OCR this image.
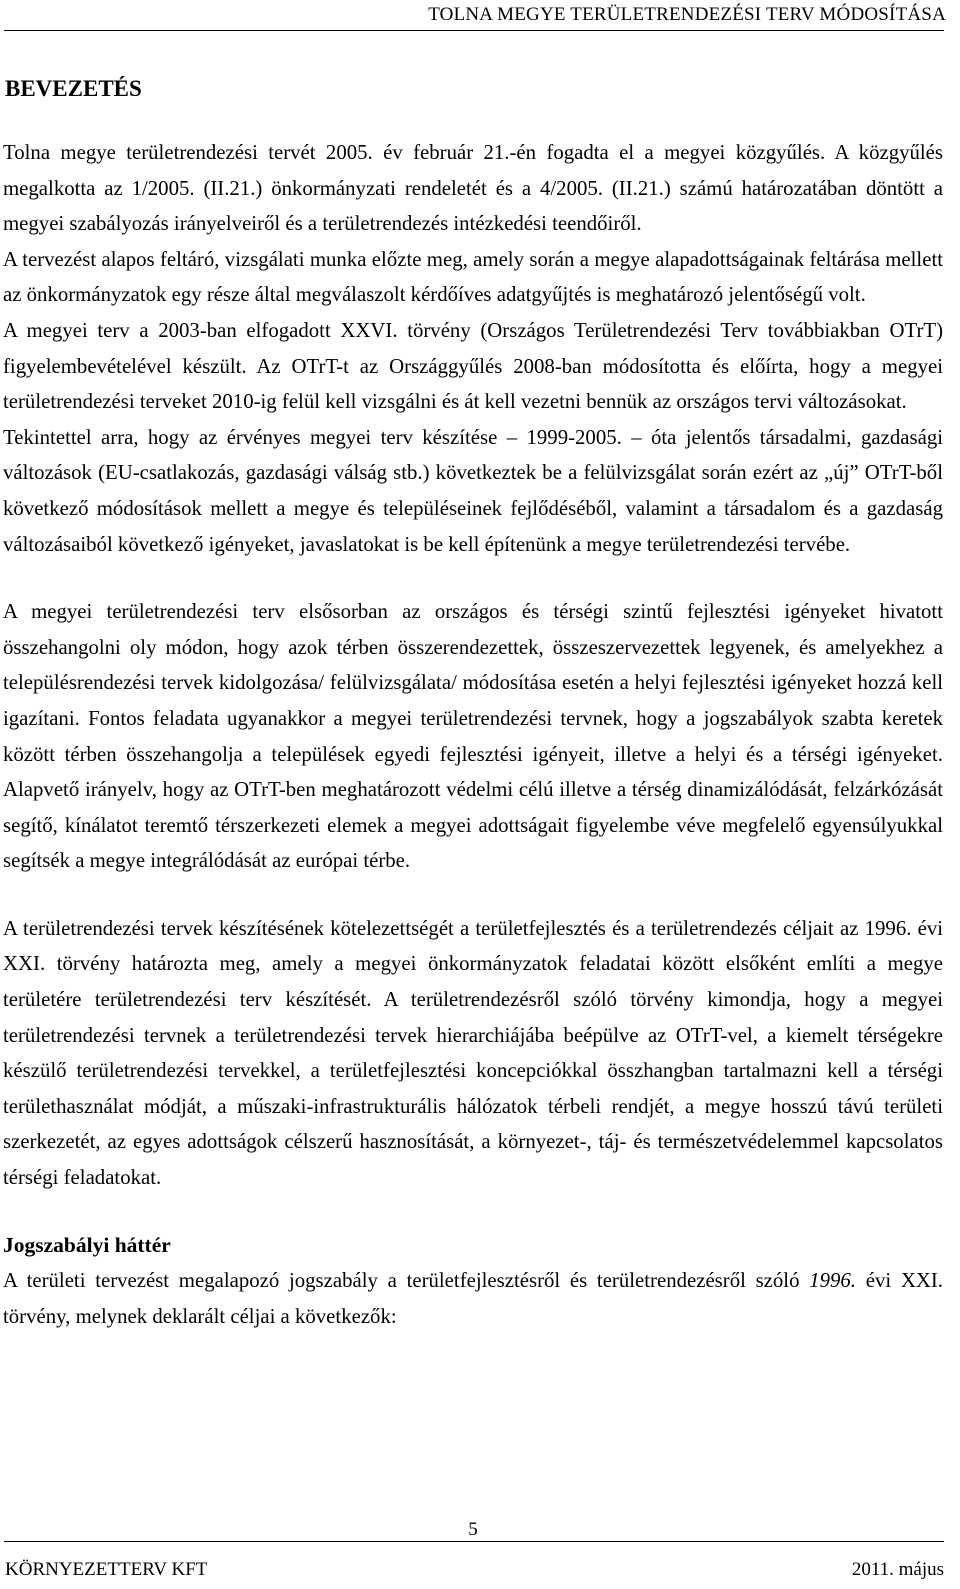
TOLNA MEGYE TERÜLETRENDEZÉSI TERV MÓDOSÍTÁSA
BEVEZETÉS

Tolna megye területrendezési tervét 2005. év február 21.-én fogadta el a megyei közgyűlés. A közgyűlés megalkotta az 1/2005. (II.21.) önkormányzati rendeletét és a 4/2005. (II.21.) számú határozatában döntött a megyei szabályozás irányelveiről és a területrendezés intézkedési teendőiről.

A tervezést alapos feltáró, vizsgálati munka előzte meg, amely során a megye alapadottságainak feltárása mellett az önkormányzatok egy része által megválaszolt kérdőíves adatgyűjtés is meghatározó jelentőségű volt.

A megyei terv a 2003-ban elfogadott XXVI. törvény (Országos Területrendezési Terv továbbiakban OTrT) figyelembevételével készült. Az OTrT-t az Országgyűlés 2008-ban módosította és előírta, hogy a megyei területrendezési terveket 2010-ig felül kell vizsgálni és át kell vezetni bennük az országos tervi változásokat.

Tekintettel arra, hogy az érvényes megyei terv készítése – 1999-2005. – óta jelentős társadalmi, gazdasági változások (EU-csatlakozás, gazdasági válság stb.) következtek be a felülvizsgálat során ezért az „új” OTrT-ből következő módosítások mellett a megye és településeinek fejlődéséből, valamint a társadalom és a gazdaság változásaiból következő igényeket, javaslatokat is be kell építenünk a megye területrendezési tervébe.

A megyei területrendezési terv elsősorban az országos és térségi szintű fejlesztési igényeket hivatott összehangolni oly módon, hogy azok térben összerendezettek, összeszervezettek legyenek, és amelyekhez a településrendezési tervek kidolgozása/ felülvizsgálata/ módosítása esetén a helyi fejlesztési igényeket hozzá kell igazítani. Fontos feladata ugyanakkor a megyei területrendezési tervnek, hogy a jogszabályok szabta keretek között térben összehangolja a települések egyedi fejlesztési igényeit, illetve a helyi és a térségi igényeket. Alapvető irányelv, hogy az OTrT-ben meghatározott védelmi célú illetve a térség dinamizálódását, felzárkózását segítő, kínálatot teremtő térszerkezeti elemek a megyei adottságait figyelembe véve megfelelő egyensúlyukkal segítsék a megye integrálódását az európai térbe.

A területrendezési tervek készítésének kötelezettségét a területfejlesztés és a területrendezés céljait az 1996. évi XXI. törvény határozta meg, amely a megyei önkormányzatok feladatai között elsőként említi a megye területére területrendezési terv készítését. A területrendezésről szóló törvény kimondja, hogy a megyei területrendezési tervnek a területrendezési tervek hierarchiájába beépülve az OTrT-vel, a kiemelt térségekre készülő területrendezési tervekkel, a területfejlesztési koncepciókkal összhangban tartalmazni kell a térségi területhasználat módját, a műszaki-infrastrukturális hálózatok térbeli rendjét, a megye hosszú távú területi szerkezetét, az egyes adottságok célszerű hasznosítását, a környezet-, táj- és természetvédelemmel kapcsolatos térségi feladatokat.

Jogszabályi háttér

A területi tervezést megalapozó jogszabály a területfejlesztésről és területrendezésről szóló 1996. évi XXI. törvény, melynek deklarált céljai a következők:

5
KÖRNYEZETTERV KFT	2011. május
